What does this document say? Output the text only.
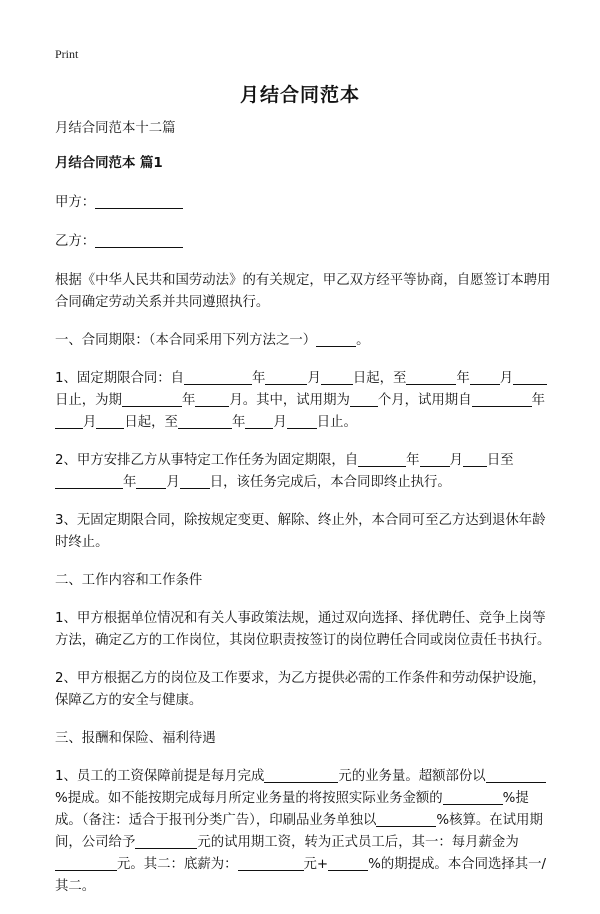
Print
月结合同范本

月结合同范本十二篇

月结合同范本 篇1

甲方：

乙方：

根据《中华人民共和国劳动法》的有关规定，甲乙双方经平等协商，自愿签订本聘用合同确定劳动关系并共同遵照执行。

一、合同期限：（本合同采用下列方法之一）	。

1、固定期限合同：自	年	月 日起，至	年 月日止，为期	年	月。其中，试用期为 个月，试用期自	年月 日起，至	年 月 日止。

2、甲方安排乙方从事特定工作任务为固定期限，自	年 月 日至年 月 日，该任务完成后，本合同即终止执行。

3、无固定期限合同，除按规定变更、解除、终止外，本合同可至乙方达到退休年龄时终止。

二、工作内容和工作条件

1、甲方根据单位情况和有关人事政策法规，通过双向选择、择优聘任、竞争上岗等方法，确定乙方的工作岗位，其岗位职责按签订的岗位聘任合同或岗位责任书执行。

2、甲方根据乙方的岗位及工作要求，为乙方提供必需的工作条件和劳动保护设施，保障乙方的安全与健康。

三、报酬和保险、福利待遇

1、员工的工资保障前提是每月完成	元的业务量。超额部份以%提成。如不能按期完成每月所定业务量的将按照实际业务金额的	%提成。（备注：适合于报刊分类广告），印刷品业务单独以	%核算。在试用期间，公司给予	元的试用期工资，转为正式员工后，其一：每月薪金为元。其二：底薪为：	元+	%的期提成。本合同选择其一/其二。
